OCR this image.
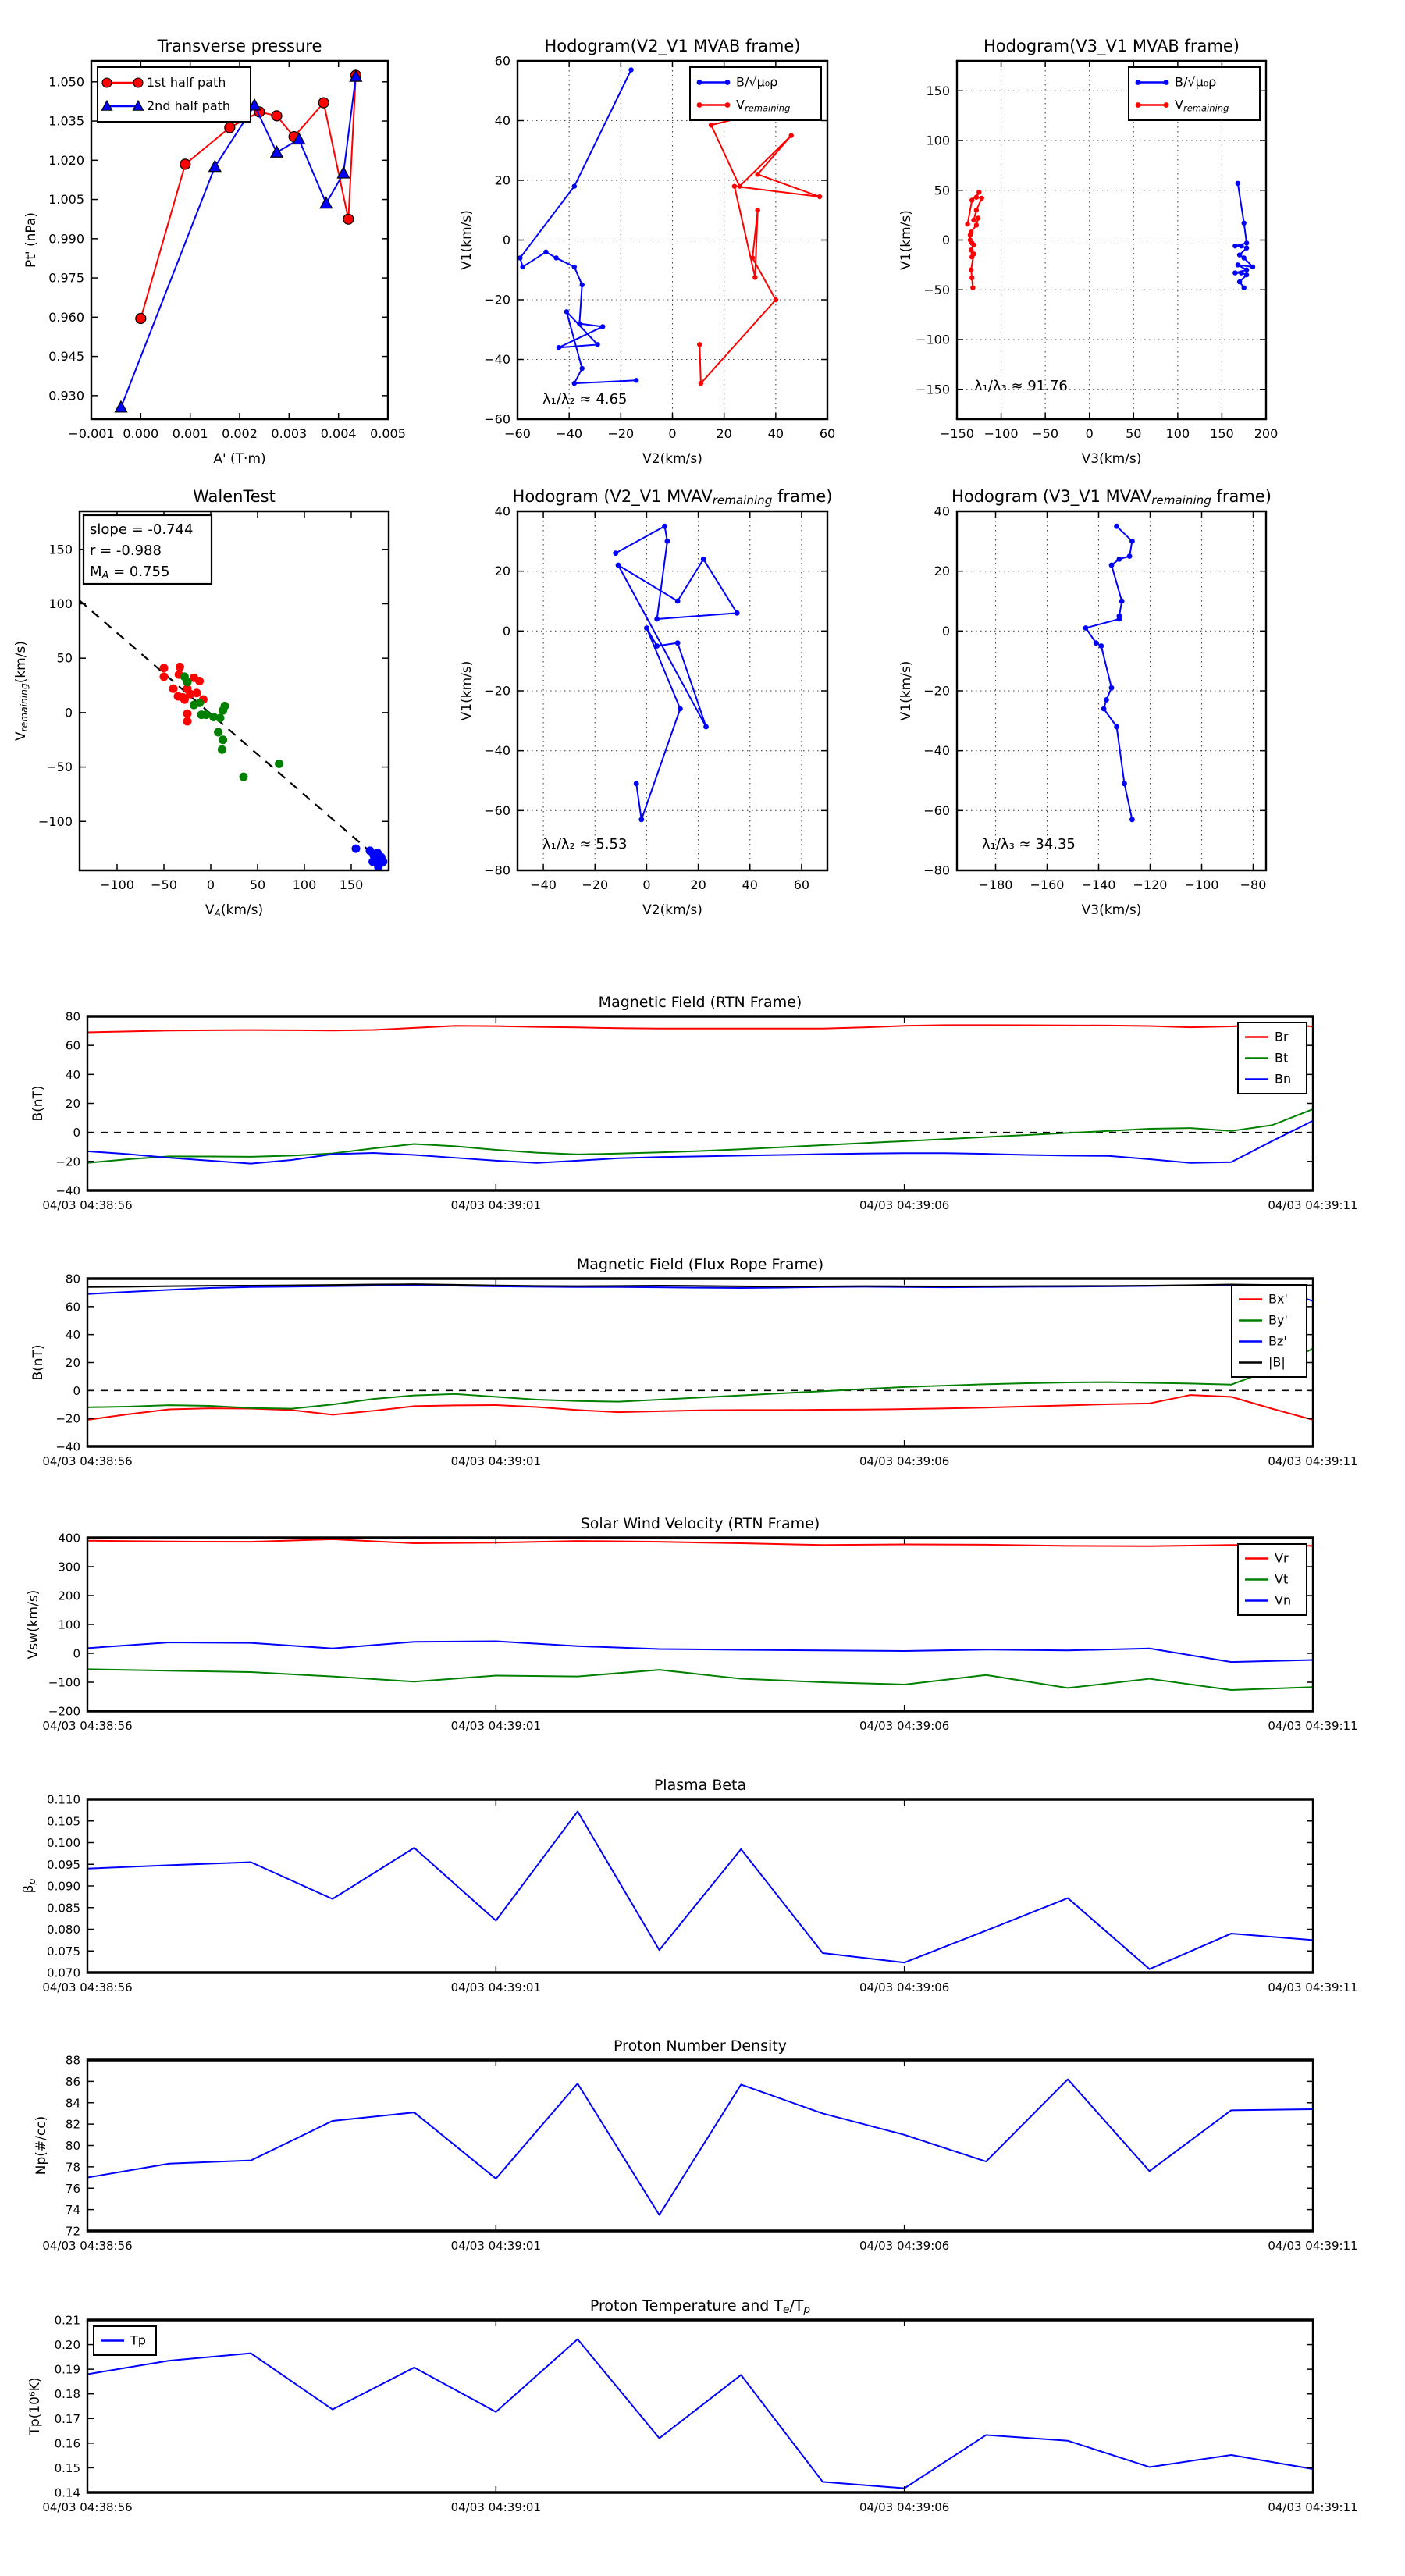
−0.001 0.000 0.001 0.002 0.003 0.004 0.005
0.930
0.945
0.960
0.975
0.990
1.005
1.020
1.035
1.050
Transverse pressure
A' (T·m)
Pt' (nPa)
1st half path
2nd half path
−60 −40 −20	0	20	40	60
−60
−40
−20
0
20
40
60
Hodogram(V2_V1 MVAB frame)
V2(km/s)
V1(km/s)
B/√μ₀ρ
Vremaining
λ₁/λ₂ ≈ 4.65
−150 −100 −50 0	50 100 150 200
−150
−100
−50
0
50
100
150
Hodogram(V3_V1 MVAB frame)
V3(km/s)
V1(km/s)
B/√μ₀ρ
Vremaining
λ₁/λ₃ ≈ 91.76
−100 −50 0	50 100 150
−100
−50
0
50
100
150
WalenTest
VA(km/s)
Vremaining(km/s)
slope = -0.744
r = -0.988
MA = 0.755
−40 −20	0	20	40	60
−80
−60
−40
−20
0
20
40
Hodogram (V2_V1 MVAVremaining frame)
V2(km/s)
V1(km/s)
λ₁/λ₂ ≈ 5.53
−180 −160 −140 −120 −100 −80
−80
−60
−40
−20
0
20
40
Hodogram (V3_V1 MVAVremaining frame)
V3(km/s)
V1(km/s)
λ₁/λ₃ ≈ 34.35
04/03 04:38:56	04/03 04:39:01	04/03 04:39:06	04/03 04:39:11
−40
−20
0
20
40
60
80
Magnetic Field (RTN Frame)
B(nT)
Br
Bt
Bn
04/03 04:38:56	04/03 04:39:01	04/03 04:39:06	04/03 04:39:11
−40
−20
0
20
40
60
80
Magnetic Field (Flux Rope Frame)
B(nT)
Bx'
By'
Bz'
|B|
04/03 04:38:56	04/03 04:39:01	04/03 04:39:06	04/03 04:39:11
−200
−100
0
100
200
300
400
Solar Wind Velocity (RTN Frame)
Vsw(km/s)
Vr
Vt
Vn
04/03 04:38:56	04/03 04:39:01	04/03 04:39:06	04/03 04:39:11
0.070
0.075
0.080
0.085
0.090
0.095
0.100
0.105
0.110
Plasma Beta
βp
04/03 04:38:56	04/03 04:39:01	04/03 04:39:06	04/03 04:39:11
72
74
76
78
80
82
84
86
88
Proton Number Density
Np(#/cc)
04/03 04:38:56	04/03 04:39:01	04/03 04:39:06	04/03 04:39:11
0.14
0.15
0.16
0.17
0.18
0.19
0.20
0.21
Proton Temperature and Te/Tp
Tp(10⁶K)
Tp
